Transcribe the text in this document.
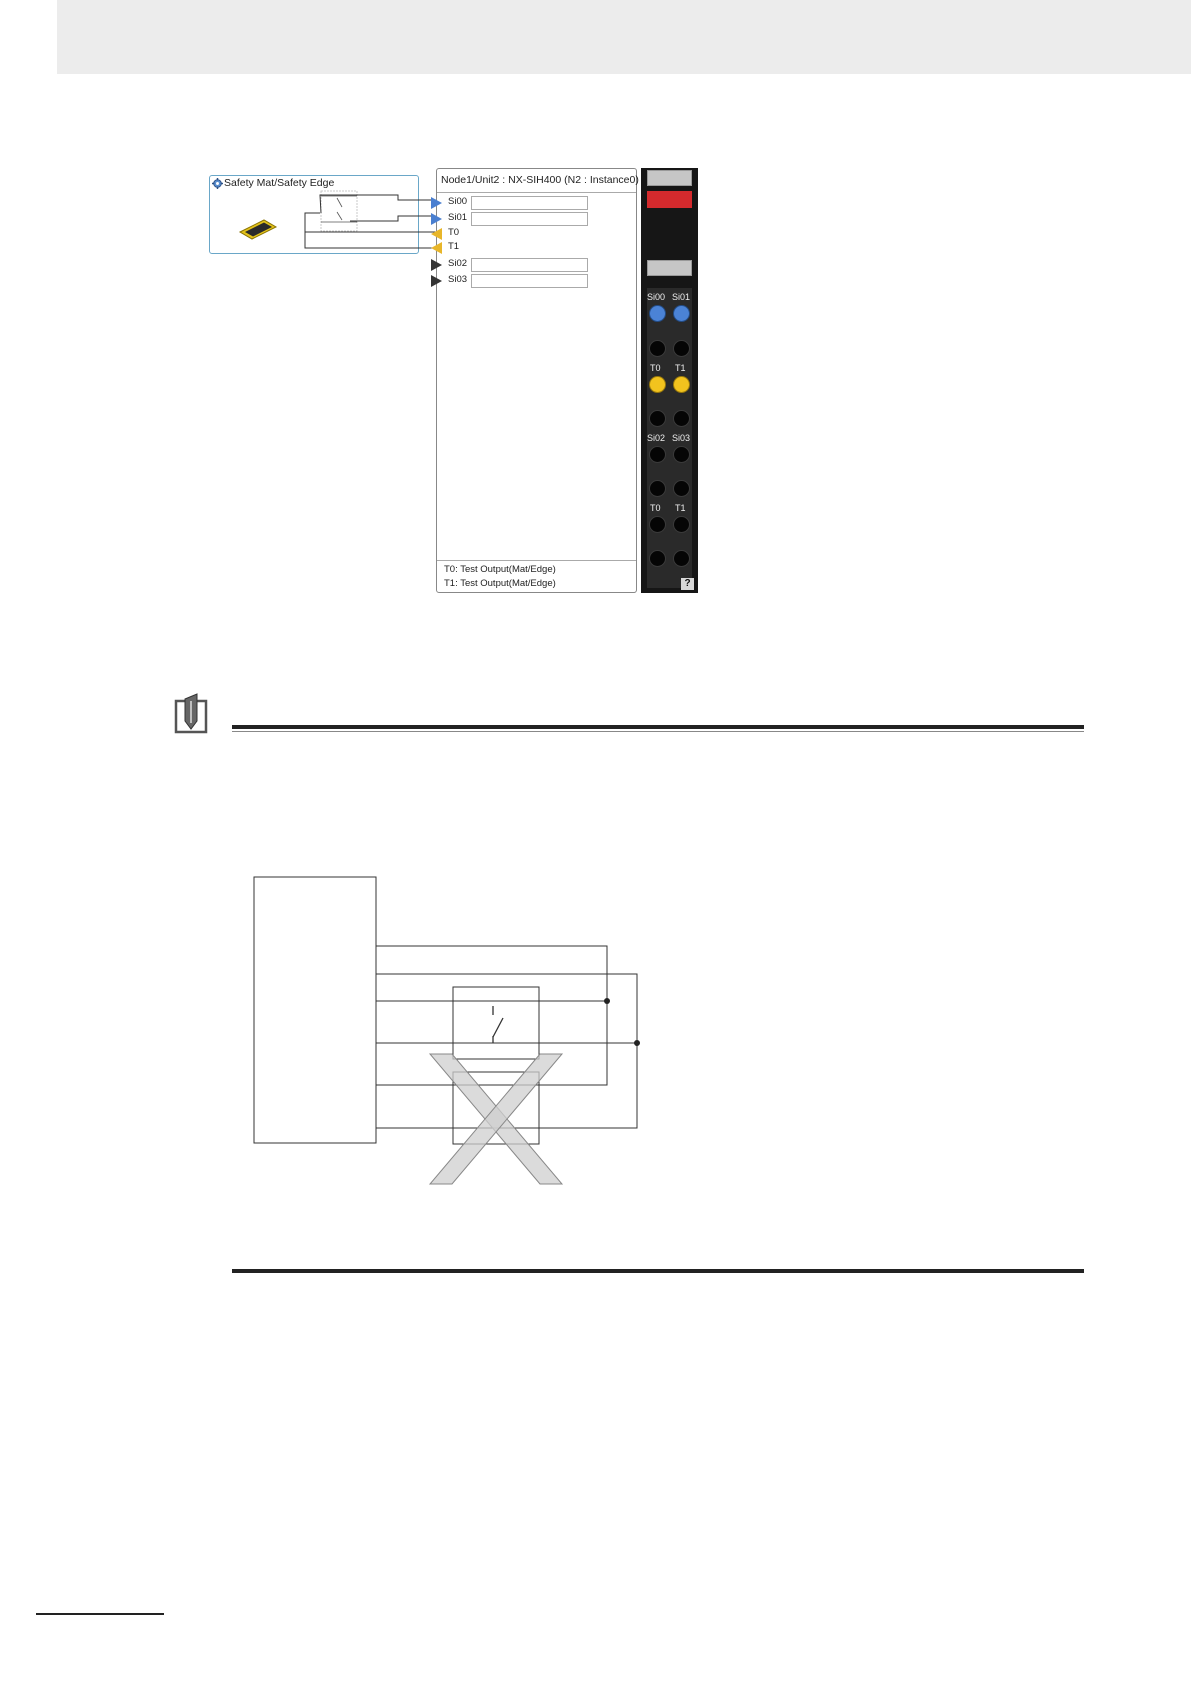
Safety Mat/Safety Edge	Node1/Unit2 : NX-SIH400 (N2 : Instance0)
Si00
Si01
T0
T1
Si02
Si03
T0: Test Output(Mat/Edge)
T1: Test Output(Mat/Edge)
Si00 Si01
T0 T1
Si02 Si03
T0 T1
?
